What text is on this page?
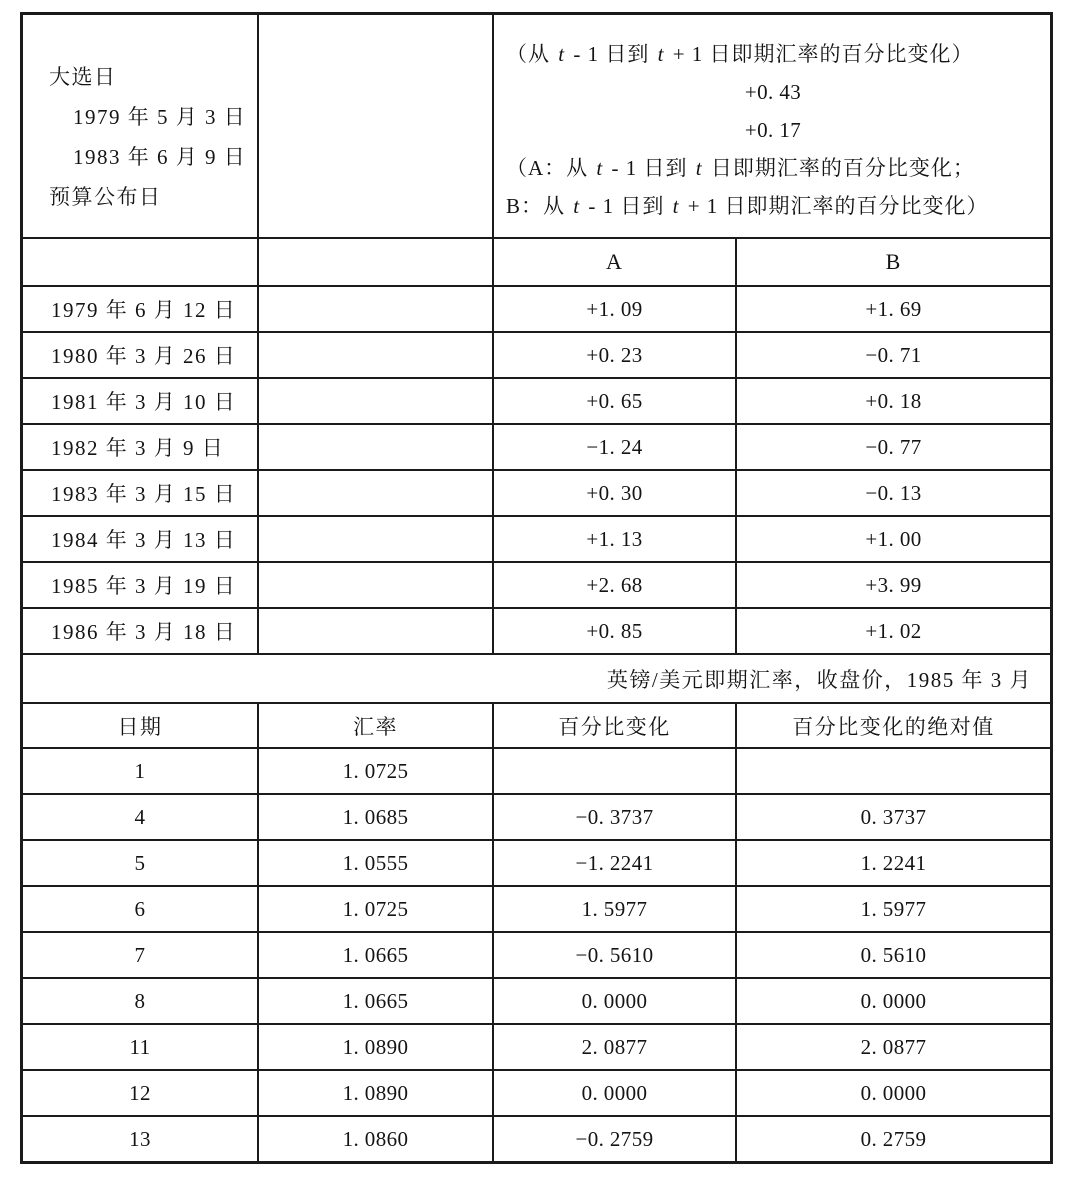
大选日
1979 年 5 月 3 日
1983 年 6 月 9 日
预算公布日
（从 t - 1 日到 t + 1 日即期汇率的百分比变化）
+0. 43
+0. 17
（A：从 t - 1 日到 t 日即期汇率的百分比变化；
B：从 t - 1 日到 t + 1 日即期汇率的百分比变化）
A	B
1979 年 6 月 12 日	+1. 09	+1. 69
1980 年 3 月 26 日	+0. 23	−0. 71
1981 年 3 月 10 日	+0. 65	+0. 18
1982 年 3 月 9 日	−1. 24	−0. 77
1983 年 3 月 15 日	+0. 30	−0. 13
1984 年 3 月 13 日	+1. 13	+1. 00
1985 年 3 月 19 日	+2. 68	+3. 99
1986 年 3 月 18 日	+0. 85	+1. 02
英镑/美元即期汇率，收盘价，1985 年 3 月
日期	汇率	百分比变化	百分比变化的绝对值
1	1. 0725
4	1. 0685	−0. 3737	0. 3737
5	1. 0555	−1. 2241	1. 2241
6	1. 0725	1. 5977	1. 5977
7	1. 0665	−0. 5610	0. 5610
8	1. 0665	0. 0000	0. 0000
11	1. 0890	2. 0877	2. 0877
12	1. 0890	0. 0000	0. 0000
13	1. 0860	−0. 2759	0. 2759
